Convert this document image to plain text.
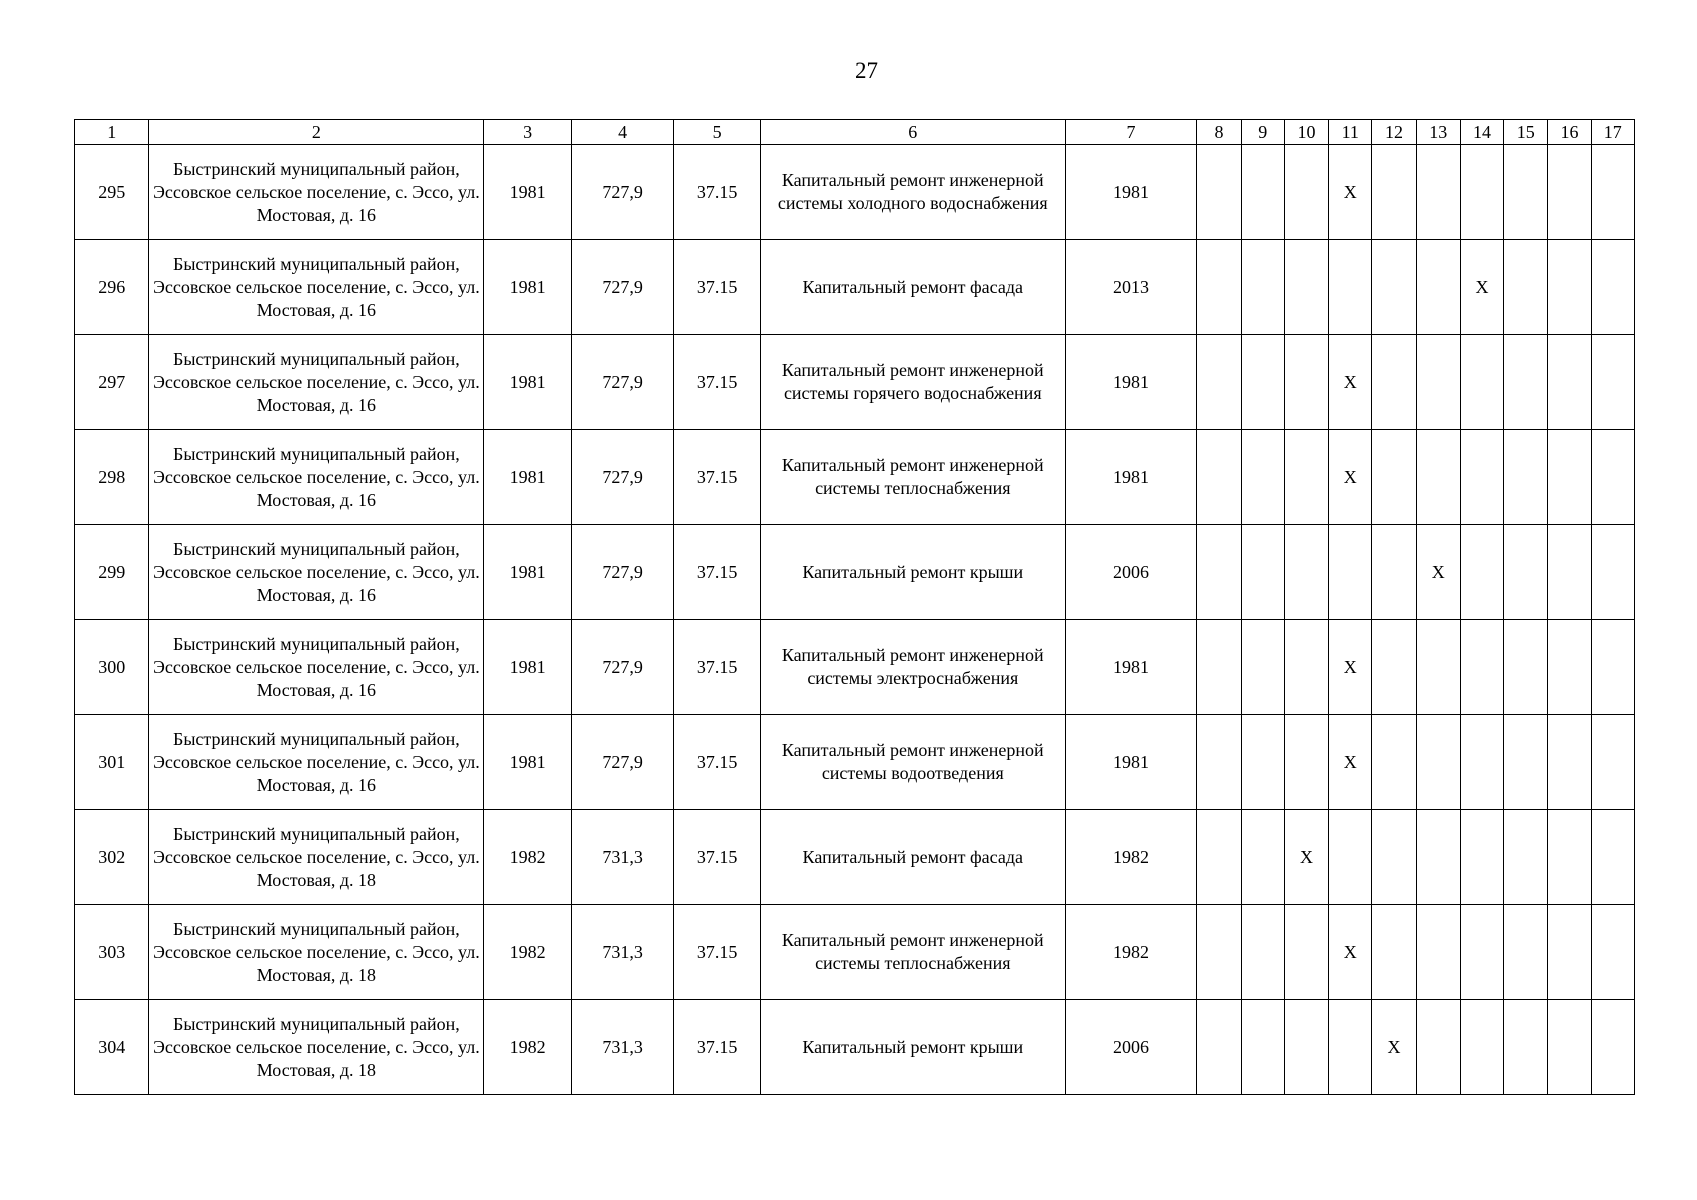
27
1	2	3	4	5	6	7	8	9	10	11	12	13	14	15	16	17
295	Быстринский муниципальный район, Эссовское сельское поселение, с. Эссо, ул. Мостовая, д. 16	1981	727,9	37.15	Капитальный ремонт инженерной системы холодного водоснабжения	1981				X						
296	Быстринский муниципальный район, Эссовское сельское поселение, с. Эссо, ул. Мостовая, д. 16	1981	727,9	37.15	Капитальный ремонт фасада	2013							X			
297	Быстринский муниципальный район, Эссовское сельское поселение, с. Эссо, ул. Мостовая, д. 16	1981	727,9	37.15	Капитальный ремонт инженерной системы горячего водоснабжения	1981				X						
298	Быстринский муниципальный район, Эссовское сельское поселение, с. Эссо, ул. Мостовая, д. 16	1981	727,9	37.15	Капитальный ремонт инженерной системы теплоснабжения	1981				X						
299	Быстринский муниципальный район, Эссовское сельское поселение, с. Эссо, ул. Мостовая, д. 16	1981	727,9	37.15	Капитальный ремонт крыши	2006						X				
300	Быстринский муниципальный район, Эссовское сельское поселение, с. Эссо, ул. Мостовая, д. 16	1981	727,9	37.15	Капитальный ремонт инженерной системы электроснабжения	1981				X						
301	Быстринский муниципальный район, Эссовское сельское поселение, с. Эссо, ул. Мостовая, д. 16	1981	727,9	37.15	Капитальный ремонт инженерной системы водоотведения	1981				X						
302	Быстринский муниципальный район, Эссовское сельское поселение, с. Эссо, ул. Мостовая, д. 18	1982	731,3	37.15	Капитальный ремонт фасада	1982			X							
303	Быстринский муниципальный район, Эссовское сельское поселение, с. Эссо, ул. Мостовая, д. 18	1982	731,3	37.15	Капитальный ремонт инженерной системы теплоснабжения	1982				X						
304	Быстринский муниципальный район, Эссовское сельское поселение, с. Эссо, ул. Мостовая, д. 18	1982	731,3	37.15	Капитальный ремонт крыши	2006					X					
